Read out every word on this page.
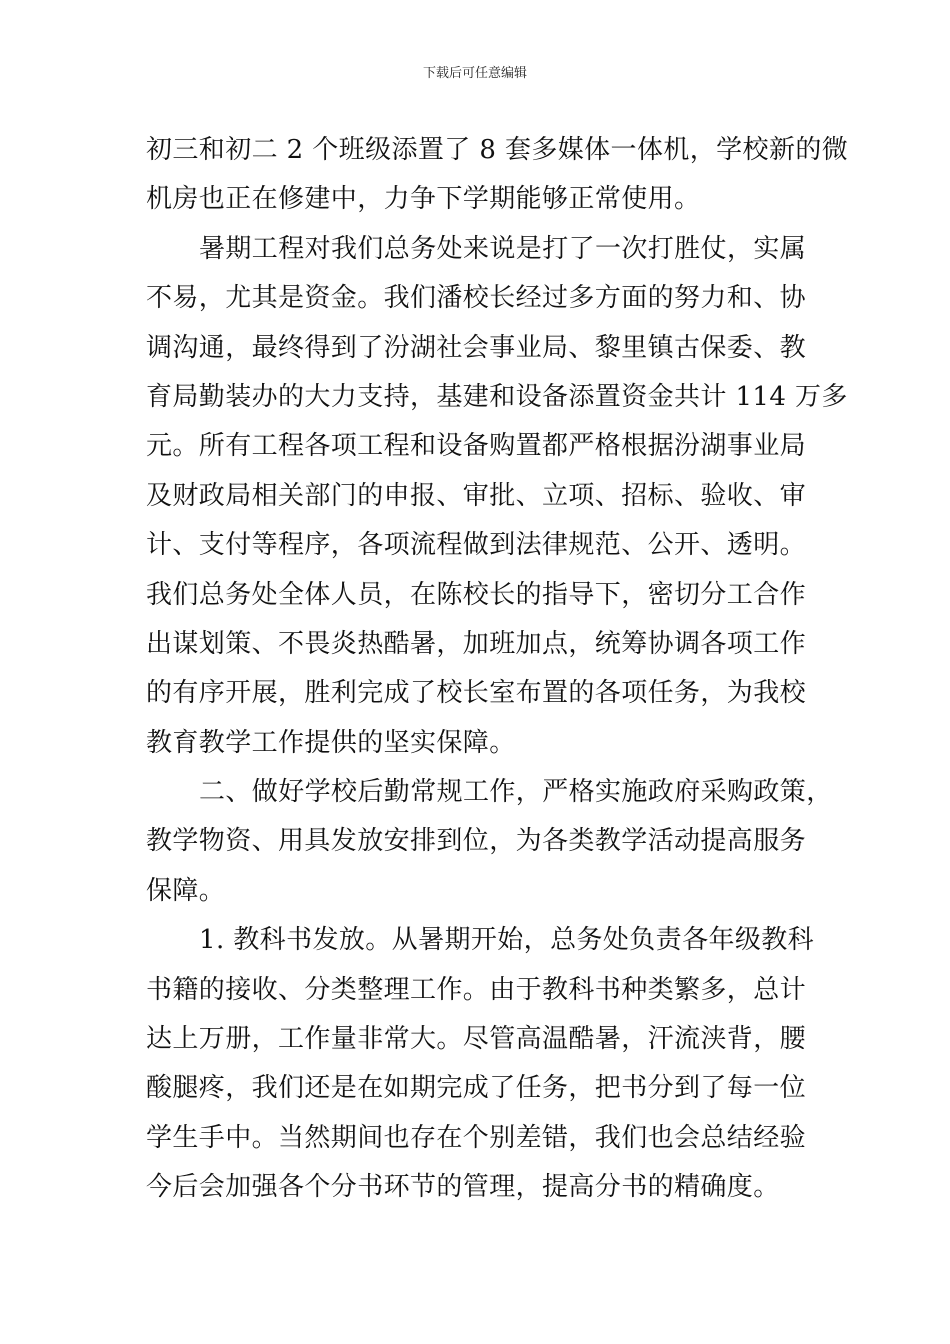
下载后可任意编辑
初三和初二 2 个班级添置了 8 套多媒体一体机，学校新的微
机房也正在修建中，力争下学期能够正常使用。
暑期工程对我们总务处来说是打了一次打胜仗，实属
不易，尤其是资金。我们潘校长经过多方面的努力和、协
调沟通，最终得到了汾湖社会事业局、黎里镇古保委、教
育局勤装办的大力支持，基建和设备添置资金共计 114 万多
元。所有工程各项工程和设备购置都严格根据汾湖事业局
及财政局相关部门的申报、审批、立项、招标、验收、审
计、支付等程序，各项流程做到法律规范、公开、透明。
我们总务处全体人员，在陈校长的指导下，密切分工合作
出谋划策、不畏炎热酷暑，加班加点，统筹协调各项工作
的有序开展，胜利完成了校长室布置的各项任务，为我校
教育教学工作提供的坚实保障。
二、做好学校后勤常规工作，严格实施政府采购政策，
教学物资、用具发放安排到位，为各类教学活动提高服务
保障。
1. 教科书发放。从暑期开始，总务处负责各年级教科
书籍的接收、分类整理工作。由于教科书种类繁多，总计
达上万册，工作量非常大。尽管高温酷暑，汗流浃背，腰
酸腿疼，我们还是在如期完成了任务，把书分到了每一位
学生手中。当然期间也存在个别差错，我们也会总结经验
今后会加强各个分书环节的管理，提高分书的精确度。
